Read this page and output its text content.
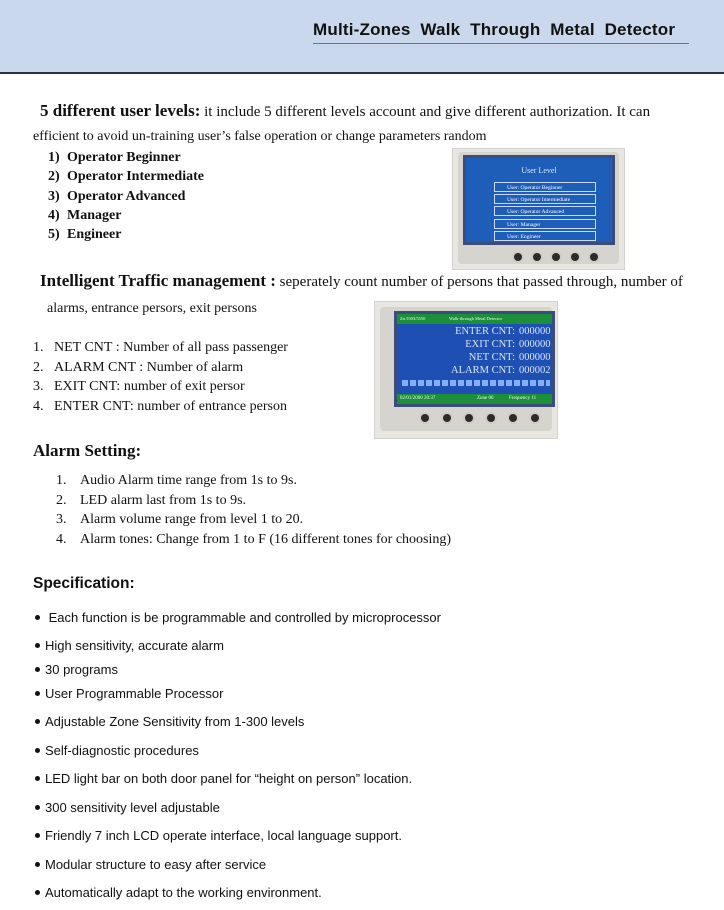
Multi-Zones  Walk  Through  Metal  Detector
5 different user levels: it include 5 different levels account and give different authorization. It can
efficient to avoid un-training user’s false operation or change parameters random
1) Operator Beginner
2) Operator Intermediate
3) Operator Advanced
4) Manager
5) Engineer
User Level
User: Operator Beginner
User: Operator Intermediate
User: Operator Advanced
User: Manager
User: Engineer
Intelligent Traffic management : seperately count number of persons that passed through, number of
alarms, entrance persors, exit persons
1. NET CNT : Number of all pass passenger
2. ALARM CNT : Number of alarm
3. EXIT CNT: number of exit persor
4. ENTER CNT: number of entrance person
Zn 5503/5550	Walk-through Metal Detector
ENTER CNT: 000000
EXIT CNT: 000000
NET CNT: 000000
ALARM CNT: 000002
02/01/2000 20:37	Zone 06	Frequency 11
Alarm Setting:
1. Audio Alarm time range from 1s to 9s.
2. LED alarm last from 1s to 9s.
3. Alarm volume range from level 1 to 20.
4. Alarm tones: Change from 1 to F (16 different tones for choosing)
Specification:
Each function is be programmable and controlled by microprocessor
High sensitivity, accurate alarm
30 programs
User Programmable Processor
Adjustable Zone Sensitivity from 1-300 levels
Self-diagnostic procedures
LED light bar on both door panel for “height on person” location.
300 sensitivity level adjustable
Friendly 7 inch LCD operate interface, local language support.
Modular structure to easy after service
Automatically adapt to the working environment.
